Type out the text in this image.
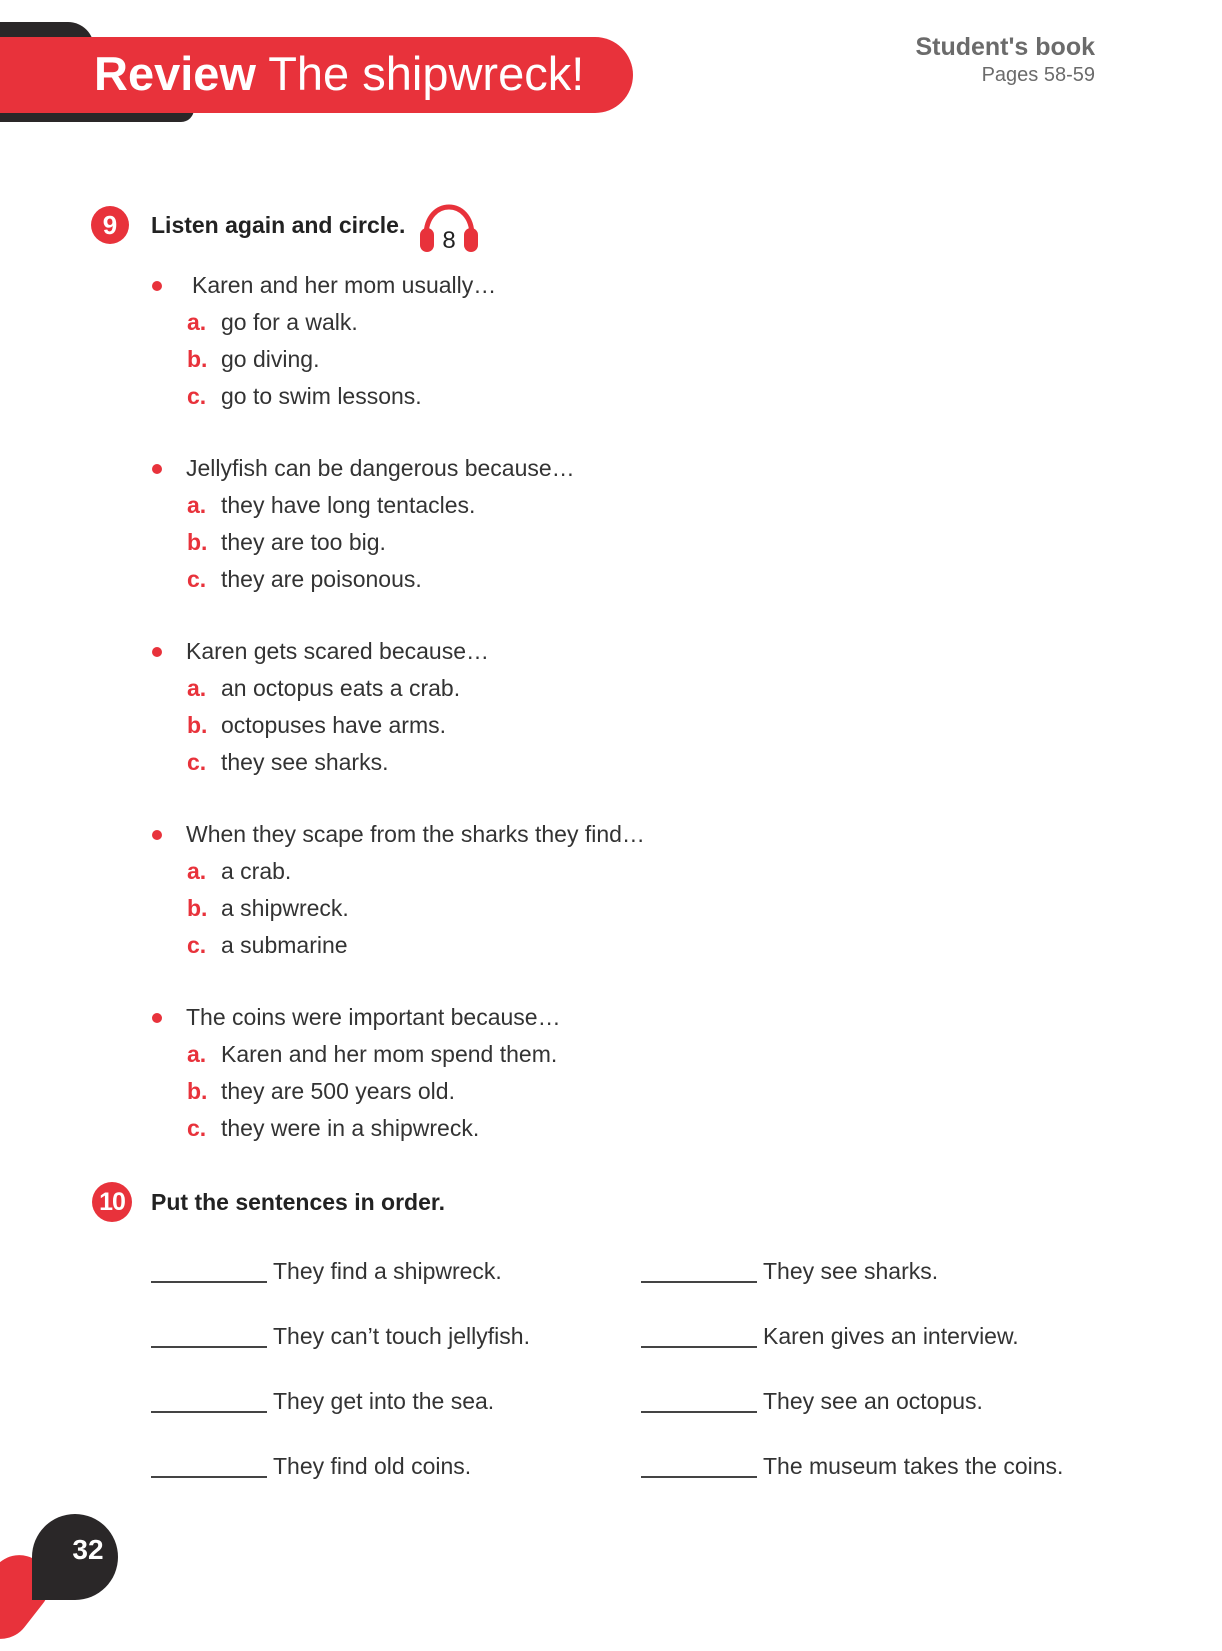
Review The shipwreck!	Student's book
Pages 58-59
9	Listen again and circle.
8
Karen and her mom usually…
a. go for a walk.
b. go diving.
c. go to swim lessons.
Jellyfish can be dangerous because…
a. they have long tentacles.
b. they are too big.
c. they are poisonous.
Karen gets scared because…
a. an octopus eats a crab.
b. octopuses have arms.
c. they see sharks.
When they scape from the sharks they find…
a. a crab.
b. a shipwreck.
c. a submarine
The coins were important because…
a. Karen and her mom spend them.
b. they are 500 years old.
c. they were in a shipwreck.
10	Put the sentences in order.
They find a shipwreck.
They can’t touch jellyfish.
They get into the sea.
They find old coins.
They see sharks.
Karen gives an interview.
They see an octopus.
The museum takes the coins.
32
